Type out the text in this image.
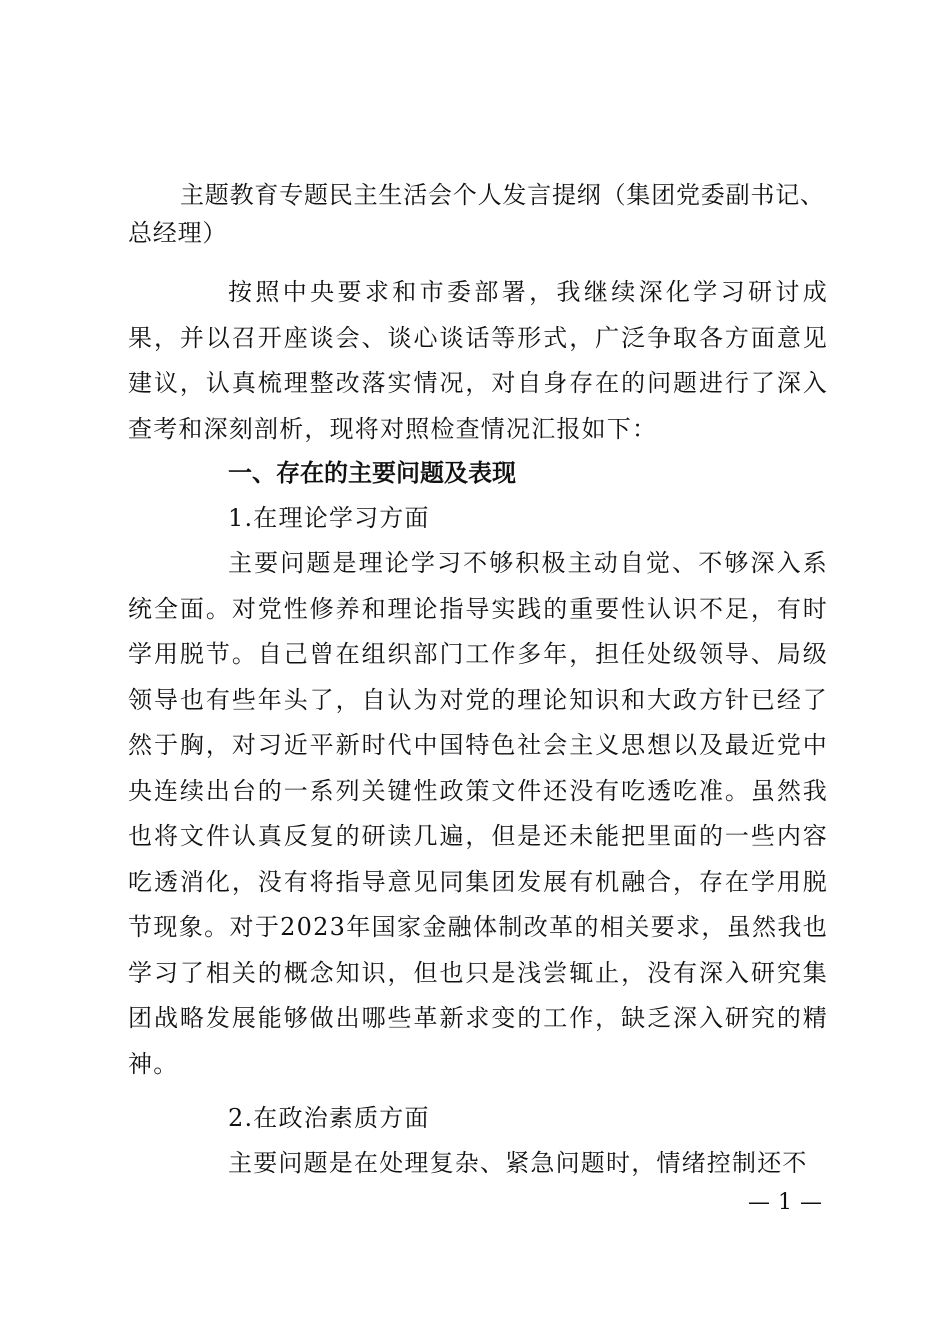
主题教育专题民主生活会个人发言提纲（集团党委副书记、总经理）

按照中央要求和市委部署，我继续深化学习研讨成果，并以召开座谈会、谈心谈话等形式，广泛争取各方面意见建议，认真梳理整改落实情况，对自身存在的问题进行了深入查考和深刻剖析，现将对照检查情况汇报如下：

一、存在的主要问题及表现

1.在理论学习方面

主要问题是理论学习不够积极主动自觉、不够深入系统全面。对党性修养和理论指导实践的重要性认识不足，有时学用脱节。自己曾在组织部门工作多年，担任处级领导、局级领导也有些年头了，自认为对党的理论知识和大政方针已经了然于胸，对习近平新时代中国特色社会主义思想以及最近党中央连续出台的一系列关键性政策文件还没有吃透吃准。虽然我也将文件认真反复的研读几遍，但是还未能把里面的一些内容吃透消化，没有将指导意见同集团发展有机融合，存在学用脱节现象。对于2023年国家金融体制改革的相关要求，虽然我也学习了相关的概念知识，但也只是浅尝辄止，没有深入研究集团战略发展能够做出哪些革新求变的工作，缺乏深入研究的精神。

2.在政治素质方面

主要问题是在处理复杂、紧急问题时，情绪控制还不

— 1 —
